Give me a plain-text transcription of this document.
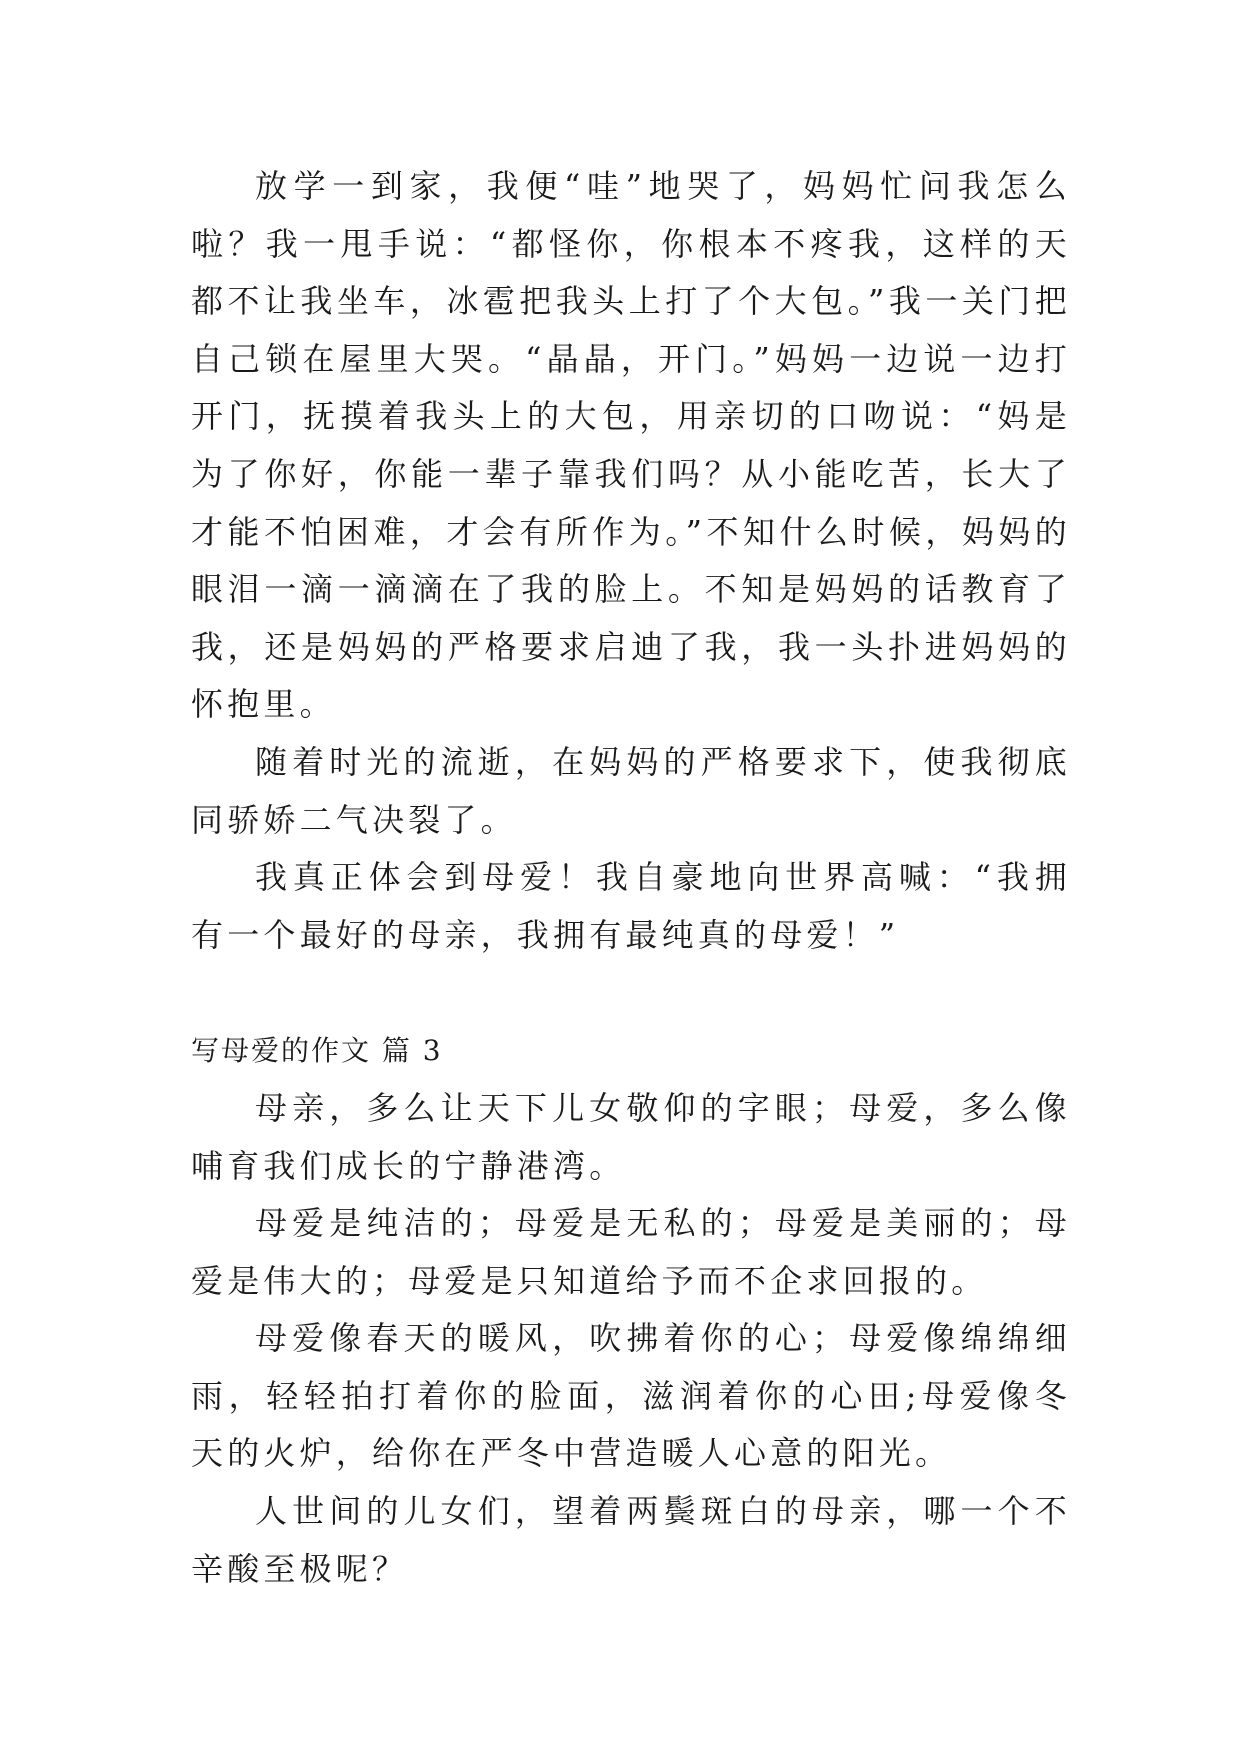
放学一到家，我便“哇”地哭了，妈妈忙问我怎么啦？我一甩手说：“都怪你，你根本不疼我，这样的天都不让我坐车，冰雹把我头上打了个大包。”我一关门把自己锁在屋里大哭。“晶晶，开门。”妈妈一边说一边打开门，抚摸着我头上的大包，用亲切的口吻说：“妈是为了你好，你能一辈子靠我们吗？从小能吃苦，长大了才能不怕困难，才会有所作为。”不知什么时候，妈妈的眼泪一滴一滴滴在了我的脸上。不知是妈妈的话教育了我，还是妈妈的严格要求启迪了我，我一头扑进妈妈的怀抱里。

随着时光的流逝，在妈妈的严格要求下，使我彻底同骄娇二气决裂了。

我真正体会到母爱！我自豪地向世界高喊：“我拥有一个最好的母亲，我拥有最纯真的母爱！”

写母爱的作文 篇 3

母亲，多么让天下儿女敬仰的字眼；母爱，多么像哺育我们成长的宁静港湾。

母爱是纯洁的；母爱是无私的；母爱是美丽的；母爱是伟大的；母爱是只知道给予而不企求回报的。

母爱像春天的暖风，吹拂着你的心；母爱像绵绵细雨，轻轻拍打着你的脸面，滋润着你的心田;母爱像冬天的火炉，给你在严冬中营造暖人心意的阳光。

人世间的儿女们，望着两鬓斑白的母亲，哪一个不辛酸至极呢？
